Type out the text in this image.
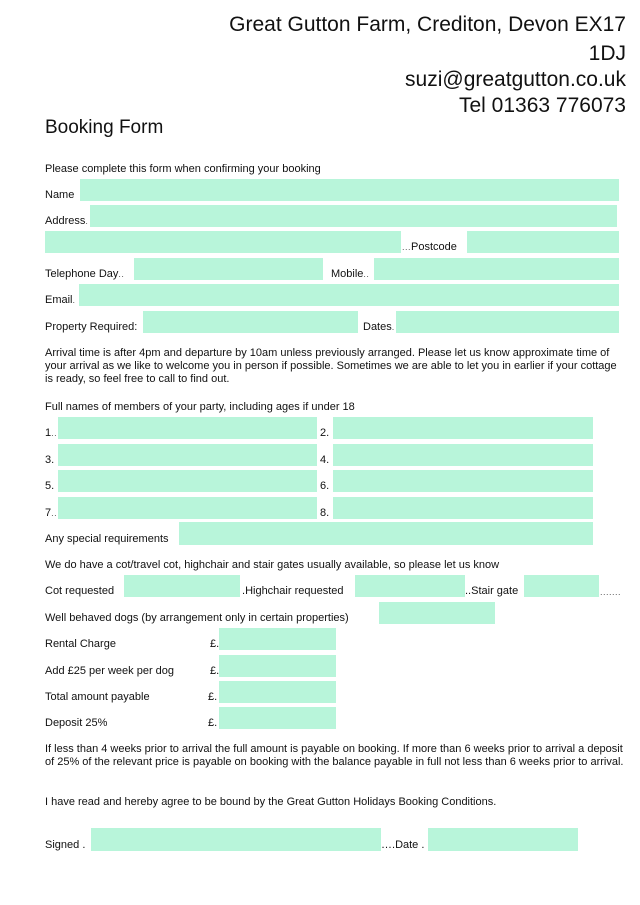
Great Gutton Farm, Crediton, Devon EX17
1DJ
suzi@greatgutton.co.uk
Tel 01363 776073
Booking Form
Please complete this form when confirming your booking
Name
Address.
...Postcode
Telephone Day..	Mobile..
Email.
Property Required:	Dates.
Arrival time is after 4pm and departure by 10am unless previously arranged. Please let us know approximate time of your arrival as we like to welcome you in person if possible. Sometimes we are able to let you in earlier if your cottage is ready, so feel free to call to find out.
Full names of members of your party, including ages if under 18
1..	2.
3.	4.
5.	6.
7..	8.
Any special requirements
We do have a cot/travel cot, highchair and stair gates usually available, so please let us know
Cot requested	.Highchair requested	..Stair gate	.......
Well behaved dogs (by arrangement only in certain properties)
Rental Charge	£.
Add £25 per week per dog	£.
Total amount payable	£.
Deposit 25%	£.
If less than 4 weeks prior to arrival the full amount is payable on booking. If more than 6 weeks prior to arrival a deposit of 25% of the relevant price is payable on booking with the balance payable in full not less than 6 weeks prior to arrival.
I have read and hereby agree to be bound by the Great Gutton Holidays Booking Conditions.
Signed .	….Date .
